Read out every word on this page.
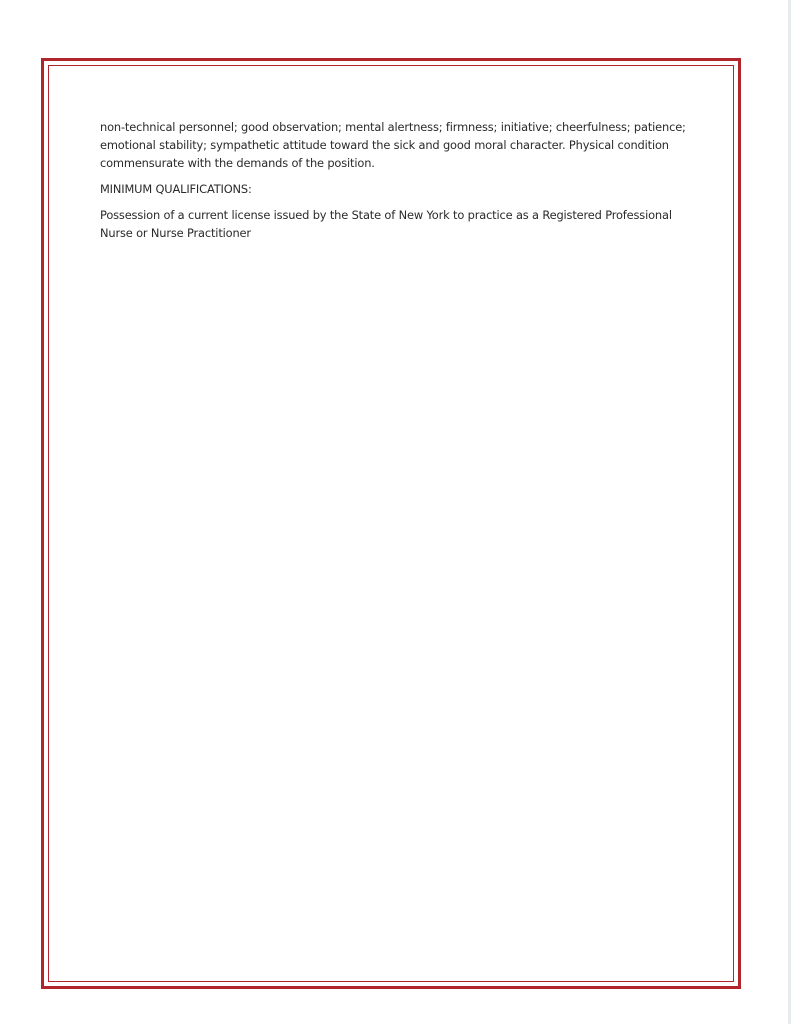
non-technical personnel; good observation; mental alertness; firmness; initiative; cheerfulness; patience; emotional stability; sympathetic attitude toward the sick and good moral character. Physical condition commensurate with the demands of the position.

MINIMUM QUALIFICATIONS:

Possession of a current license issued by the State of New York to practice as a Registered Professional Nurse or Nurse Practitioner
